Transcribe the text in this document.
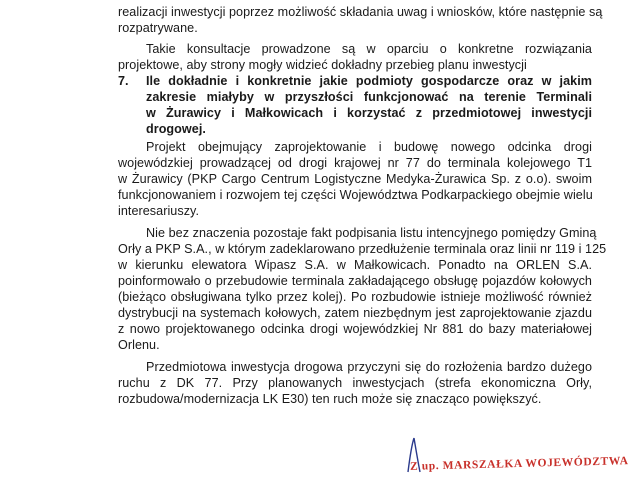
realizacji inwestycji poprzez możliwość składania uwag i wniosków, które następnie są
rozpatrywane.
Takie konsultacje prowadzone są w oparciu o konkretne rozwiązania
projektowe, aby strony mogły widzieć dokładny przebieg planu inwestycji
7. Ile dokładnie i konkretnie jakie podmioty gospodarcze oraz w jakim
zakresie miałyby w przyszłości funkcjonować na terenie Terminali
w Żurawicy i Małkowicach i korzystać z przedmiotowej inwestycji
drogowej.
Projekt obejmujący zaprojektowanie i budowę nowego odcinka drogi
wojewódzkiej prowadzącej od drogi krajowej nr 77 do terminala kolejowego T1
w Żurawicy (PKP Cargo Centrum Logistyczne Medyka-Żurawica Sp. z o.o). swoim
funkcjonowaniem i rozwojem tej części Województwa Podkarpackiego obejmie wielu
interesariuszy.
Nie bez znaczenia pozostaje fakt podpisania listu intencyjnego pomiędzy Gminą
Orły a PKP S.A., w którym zadeklarowano przedłużenie terminala oraz linii nr 119 i 125
w kierunku elewatora Wipasz S.A. w Małkowicach. Ponadto na ORLEN S.A.
poinformowało o przebudowie terminala zakładającego obsługę pojazdów kołowych
(bieżąco obsługiwana tylko przez kolej). Po rozbudowie istnieje możliwość również
dystrybucji na systemach kołowych, zatem niezbędnym jest zaprojektowanie zjazdu
z nowo projektowanego odcinka drogi wojewódzkiej Nr 881 do bazy materiałowej
Orlenu.
Przedmiotowa inwestycja drogowa przyczyni się do rozłożenia bardzo dużego
ruchu z DK 77. Przy planowanych inwestycjach (strefa ekonomiczna Orły,
rozbudowa/modernizacja LK E30) ten ruch może się znacząco powiększyć.
Z up. MARSZAŁKA WOJEWÓDZTWA
